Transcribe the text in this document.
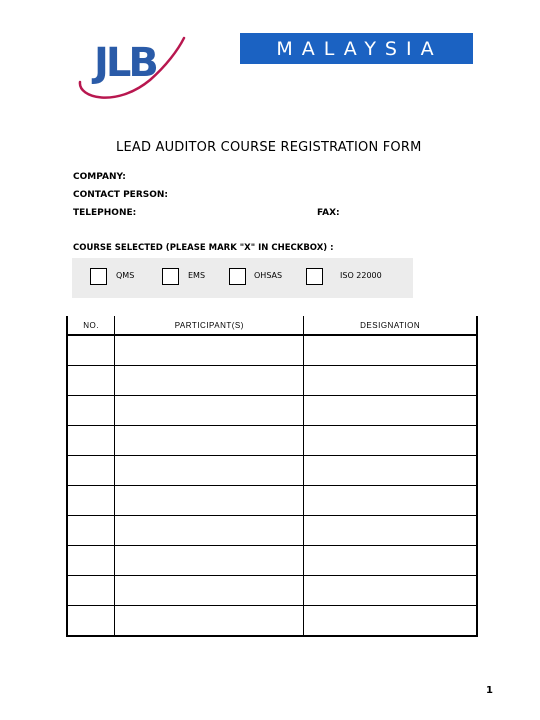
JLB	MALAYSIA
LEAD AUDITOR COURSE REGISTRATION FORM
COMPANY:
CONTACT PERSON:
TELEPHONE:	FAX:
COURSE SELECTED (PLEASE MARK "X" IN CHECKBOX) :
QMS	EMS	OHSAS	ISO 22000
NO.	PARTICIPANT(S)	DESIGNATION

1
